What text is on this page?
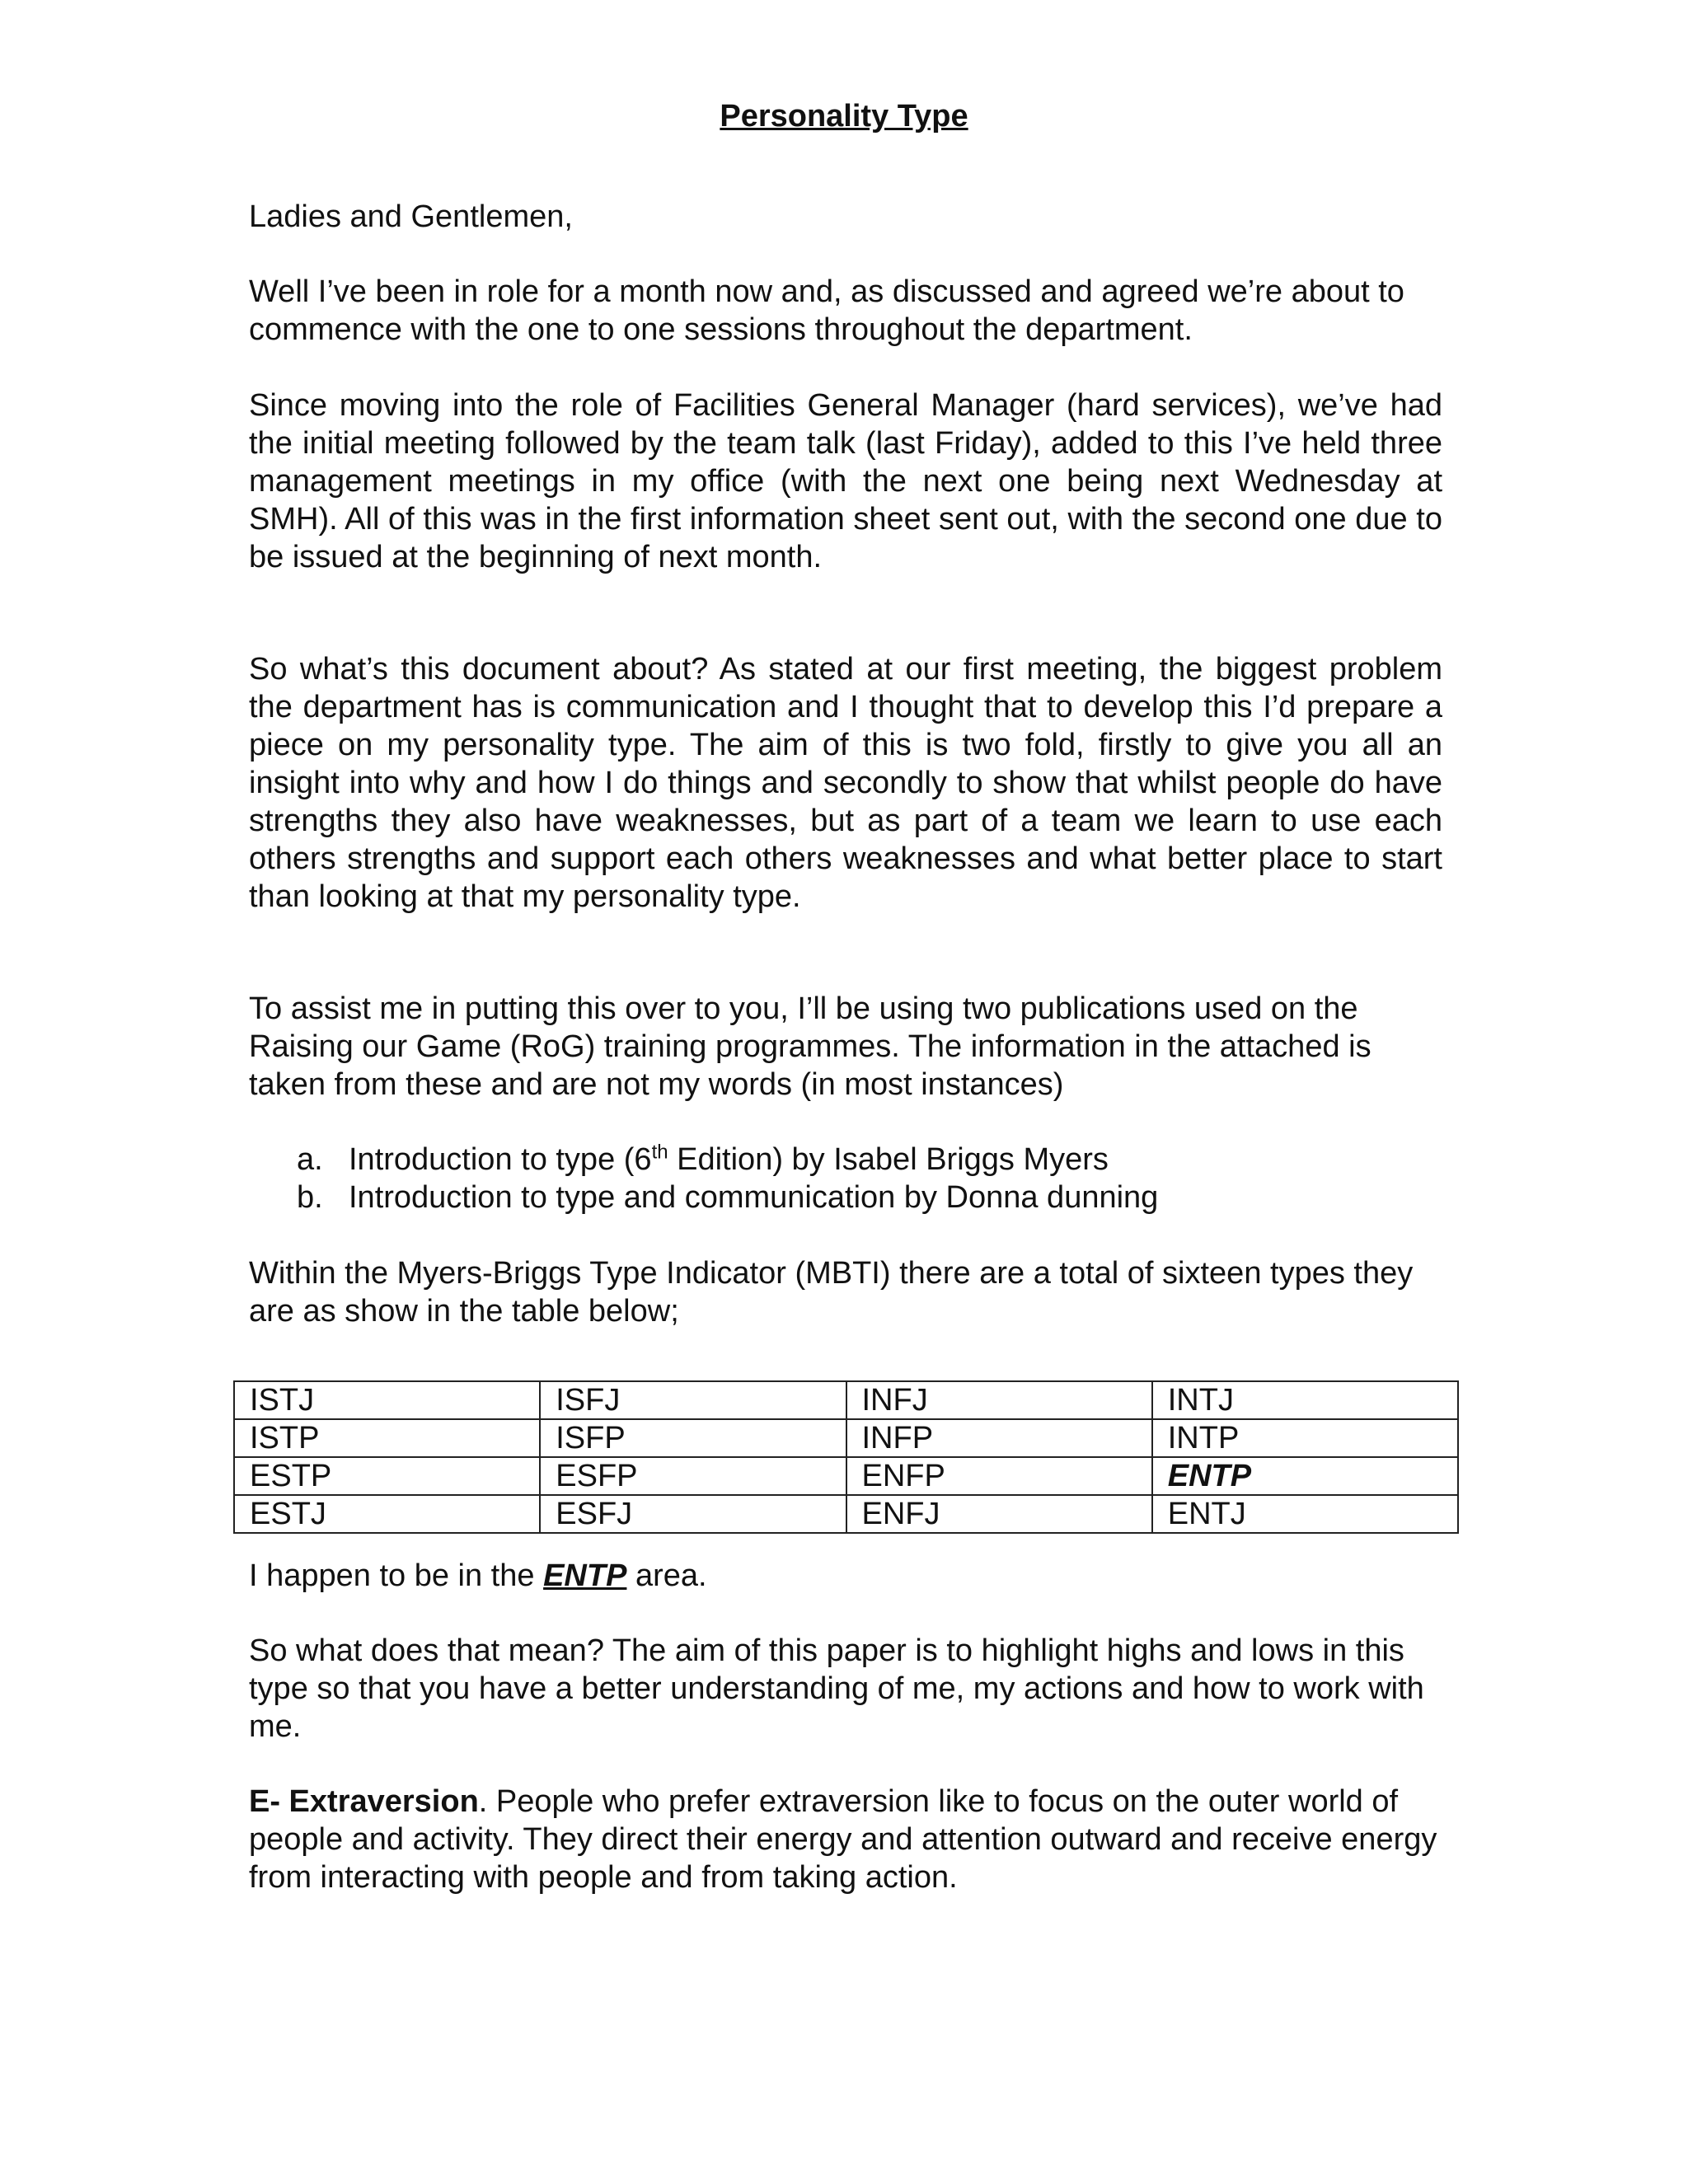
Personality Type
Ladies and Gentlemen,
Well I’ve been in role for a month now and, as discussed and agreed we’re about to commence with the one to one sessions throughout the department.
Since moving into the role of Facilities General Manager (hard services), we’ve had the initial meeting followed by the team talk (last Friday), added to this I’ve held three management meetings in my office (with the next one being next Wednesday at SMH). All of this was in the first information sheet sent out, with the second one due to be issued at the beginning of next month.
So what’s this document about? As stated at our first meeting, the biggest problem the department has is communication and I thought that to develop this I’d prepare a piece on my personality type. The aim of this is two fold, firstly to give you all an insight into why and how I do things and secondly to show that whilst people do have strengths they also have weaknesses, but as part of a team we learn to use each others strengths and support each others weaknesses and what better place to start than looking at that my personality type.
To assist me in putting this over to you, I’ll be using two publications used on the Raising our Game (RoG) training programmes. The information in the attached is taken from these and are not my words (in most instances)
a. Introduction to type (6th Edition) by Isabel Briggs Myers
b. Introduction to type and communication by Donna dunning
Within the Myers-Briggs Type Indicator (MBTI) there are a total of sixteen types they are as show in the table below;
ISTJ	ISFJ	INFJ	INTJ
ISTP	ISFP	INFP	INTP
ESTP	ESFP	ENFP	ENTP
ESTJ	ESFJ	ENFJ	ENTJ
I happen to be in the ENTP area.
So what does that mean? The aim of this paper is to highlight highs and lows in this type so that you have a better understanding of me, my actions and how to work with me.
E- Extraversion. People who prefer extraversion like to focus on the outer world of people and activity. They direct their energy and attention outward and receive energy from interacting with people and from taking action.
